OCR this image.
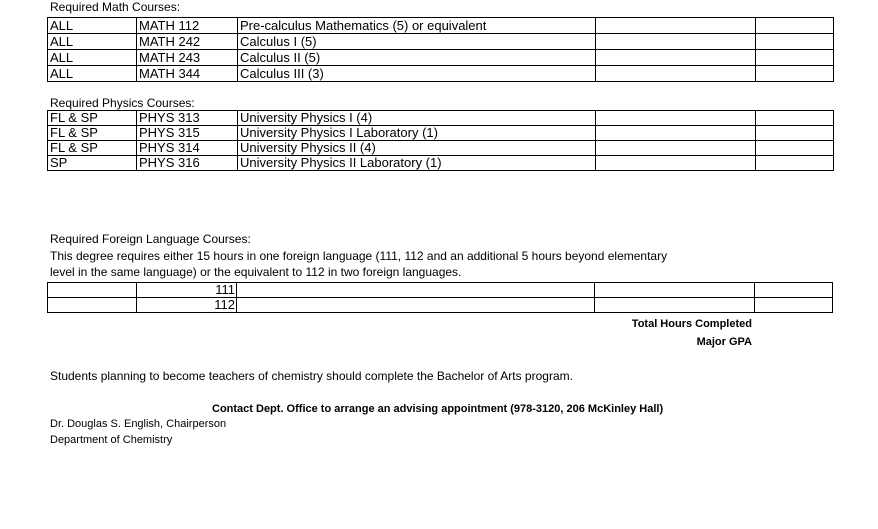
Required Math Courses:
ALL	MATH 112	Pre-calculus Mathematics (5) or equivalent		
ALL	MATH 242	Calculus I (5)		
ALL	MATH 243	Calculus II (5)		
ALL	MATH 344	Calculus III (3)		
Required Physics Courses:
FL & SP	PHYS 313	University Physics I (4)		
FL & SP	PHYS 315	University Physics I Laboratory (1)		
FL & SP	PHYS 314	University Physics II (4)		
SP	PHYS 316	University Physics II Laboratory (1)		
Required Foreign Language Courses:
This degree requires either 15 hours in one foreign language (111, 112 and an additional 5 hours beyond elementary
level in the same language) or the equivalent to 112 in two foreign languages.
	111			
	112			
Total Hours Completed
Major GPA
Students planning to become teachers of chemistry should complete the Bachelor of Arts program.
Contact Dept. Office to arrange an advising appointment (978-3120, 206 McKinley Hall)
Dr. Douglas S. English, Chairperson
Department of Chemistry
